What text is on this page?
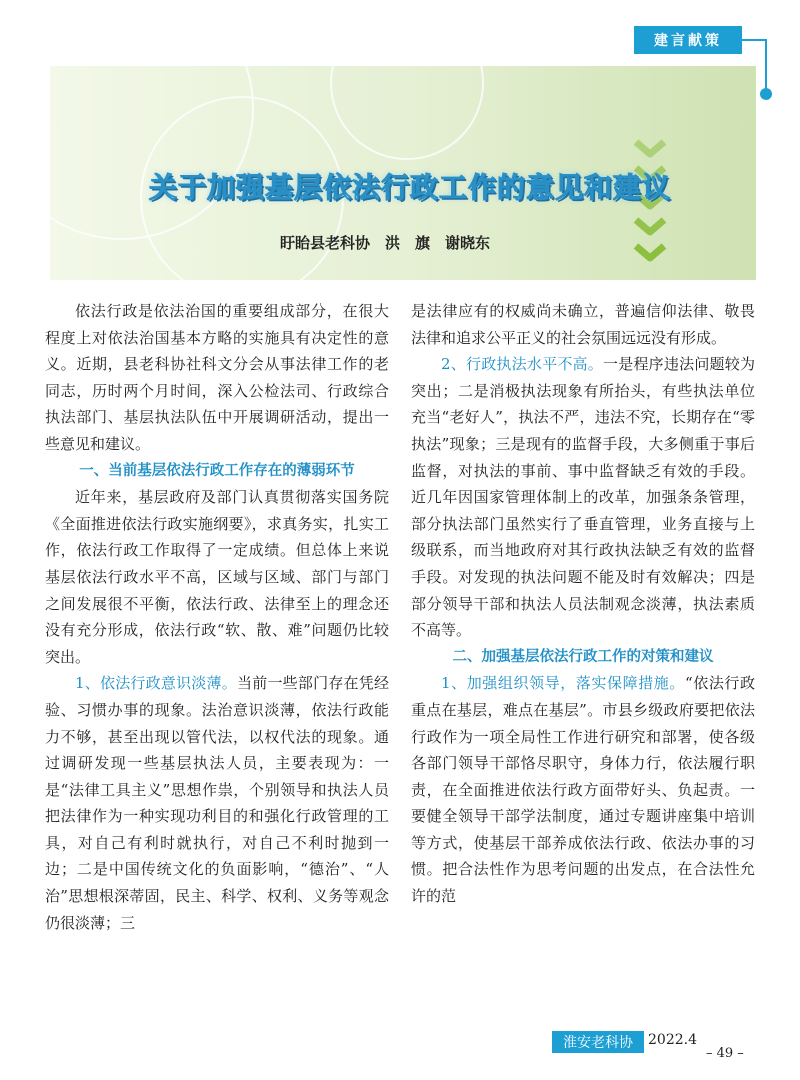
建言献策
关于加强基层依法行政工作的意见和建议
盱眙县老科协　洪　旗　谢晓东

依法行政是依法治国的重要组成部分，在很大程度上对依法治国基本方略的实施具有决定性的意义。近期，县老科协社科文分会从事法律工作的老同志，历时两个月时间，深入公检法司、行政综合执法部门、基层执法队伍中开展调研活动，提出一些意见和建议。

一、当前基层依法行政工作存在的薄弱环节

近年来，基层政府及部门认真贯彻落实国务院《全面推进依法行政实施纲要》，求真务实，扎实工作，依法行政工作取得了一定成绩。但总体上来说基层依法行政水平不高，区域与区域、部门与部门之间发展很不平衡，依法行政、法律至上的理念还没有充分形成，依法行政“软、散、难”问题仍比较突出。

1、依法行政意识淡薄。当前一些部门存在凭经验、习惯办事的现象。法治意识淡薄，依法行政能力不够，甚至出现以管代法，以权代法的现象。通过调研发现一些基层执法人员，主要表现为：一是“法律工具主义”思想作祟，个别领导和执法人员把法律作为一种实现功利目的和强化行政管理的工具，对自己有利时就执行，对自己不利时抛到一边；二是中国传统文化的负面影响，“德治”、“人治”思想根深蒂固，民主、科学、权利、义务等观念仍很淡薄；三

是法律应有的权威尚未确立，普遍信仰法律、敬畏法律和追求公平正义的社会氛围远远没有形成。

2、行政执法水平不高。一是程序违法问题较为突出；二是消极执法现象有所抬头，有些执法单位充当“老好人”，执法不严，违法不究，长期存在“零执法”现象；三是现有的监督手段，大多侧重于事后监督，对执法的事前、事中监督缺乏有效的手段。近几年因国家管理体制上的改革，加强条条管理，部分执法部门虽然实行了垂直管理，业务直接与上级联系，而当地政府对其行政执法缺乏有效的监督手段。对发现的执法问题不能及时有效解决；四是部分领导干部和执法人员法制观念淡薄，执法素质不高等。

二、加强基层依法行政工作的对策和建议

1、加强组织领导，落实保障措施。“依法行政重点在基层，难点在基层”。市县乡级政府要把依法行政作为一项全局性工作进行研究和部署，使各级各部门领导干部恪尽职守，身体力行，依法履行职责，在全面推进依法行政方面带好头、负起责。一要健全领导干部学法制度，通过专题讲座集中培训等方式，使基层干部养成依法行政、依法办事的习惯。把合法性作为思考问题的出发点，在合法性允许的范

淮安老科协	2022.4
– 49 –
